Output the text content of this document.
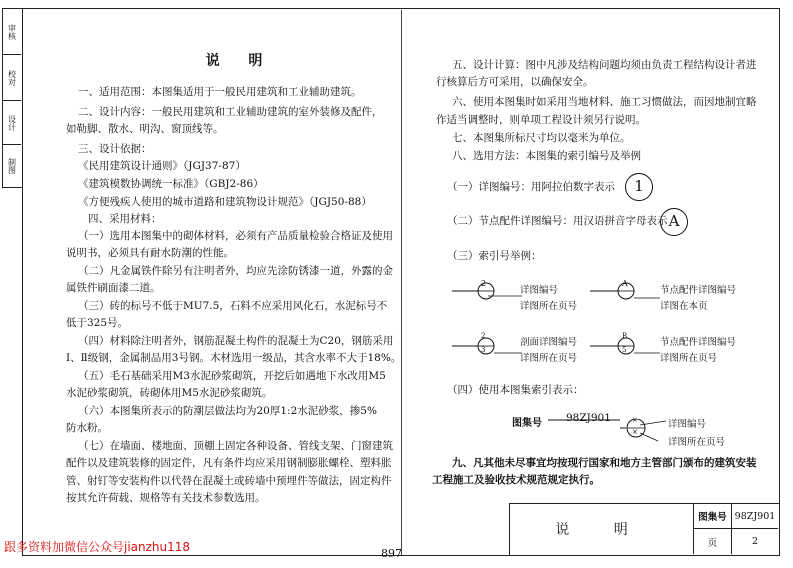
审核
校对
设计
制图
说 明
一、适用范围：本图集适用于一般民用建筑和工业辅助建筑。
二、设计内容：一般民用建筑和工业辅助建筑的室外装修及配件，
如勒脚、散水、明沟、窗顶线等。
三、设计依据：
《民用建筑设计通则》（JGJ37-87）
《建筑模数协调统一标准》（GBJ2-86）
《方便残疾人使用的城市道路和建筑物设计规范》（JGJ50-88）
四、采用材料：
（一）选用本图集中的砌体材料，必须有产品质量检验合格证及使用
说明书，必须具有耐水防潮的性能。
（二）凡金属铁件除另有注明者外，均应先涂防锈漆一道，外露的金
属铁件刷面漆二道。
（三）砖的标号不低于MU7.5，石料不应采用风化石，水泥标号不
低于325号。
（四）材料除注明者外，钢筋混凝土构件的混凝土为C20，钢筋采用
Ⅰ、Ⅱ级钢，金属制品用3号钢。木材选用一级品，其含水率不大于18%。
（五）毛石基础采用M3水泥砂浆砌筑，开挖后如遇地下水改用M5
水泥砂浆砌筑，砖砌体用M5水泥砂浆砌筑。
（六）本图集所表示的防潮层做法均为20厚1:2水泥砂浆，掺5%
防水粉。
（七）在墙面、楼地面、顶棚上固定各种设备、管线支架、门窗建筑
配件以及建筑装修的固定件，凡有条件均应采用钢制膨胀螺栓、塑料胀
管、射钉等安装构件以代替在混凝土或砖墙中预埋件等做法，固定构件
按其允许荷载、规格等有关技术参数选用。
五、设计计算：图中凡涉及结构问题均须由负责工程结构设计者进
行核算后方可采用，以确保安全。
六、使用本图集时如采用当地材料、施工习惯做法，而因地制宜略
作适当调整时，则单项工程设计须另行说明。
七、本图集所标尺寸均以毫米为单位。
八、选用方法：本图集的索引编号及举例
（一）详图编号：用阿拉伯数字表示	1
（二）节点配件详图编号：用汉语拼音字母表示 A
（三）索引号举例：
2
详图编号
详图所在页号
A
节点配件详图编号
详图在本页
2
3
剖面详图编号
详图所在页号
B
5
节点配件详图编号
详图所在页号
（四）使用本图集索引表示：
图集号 98ZJ901	×
×
详图编号
详图所在页号
九、凡其他未尽事宜均按现行国家和地方主管部门颁布的建筑安装
工程施工及验收技术规范规定执行。
说 明
图集号 98ZJ901
页	2
跟多资料加微信公众号jianzhu118	897
